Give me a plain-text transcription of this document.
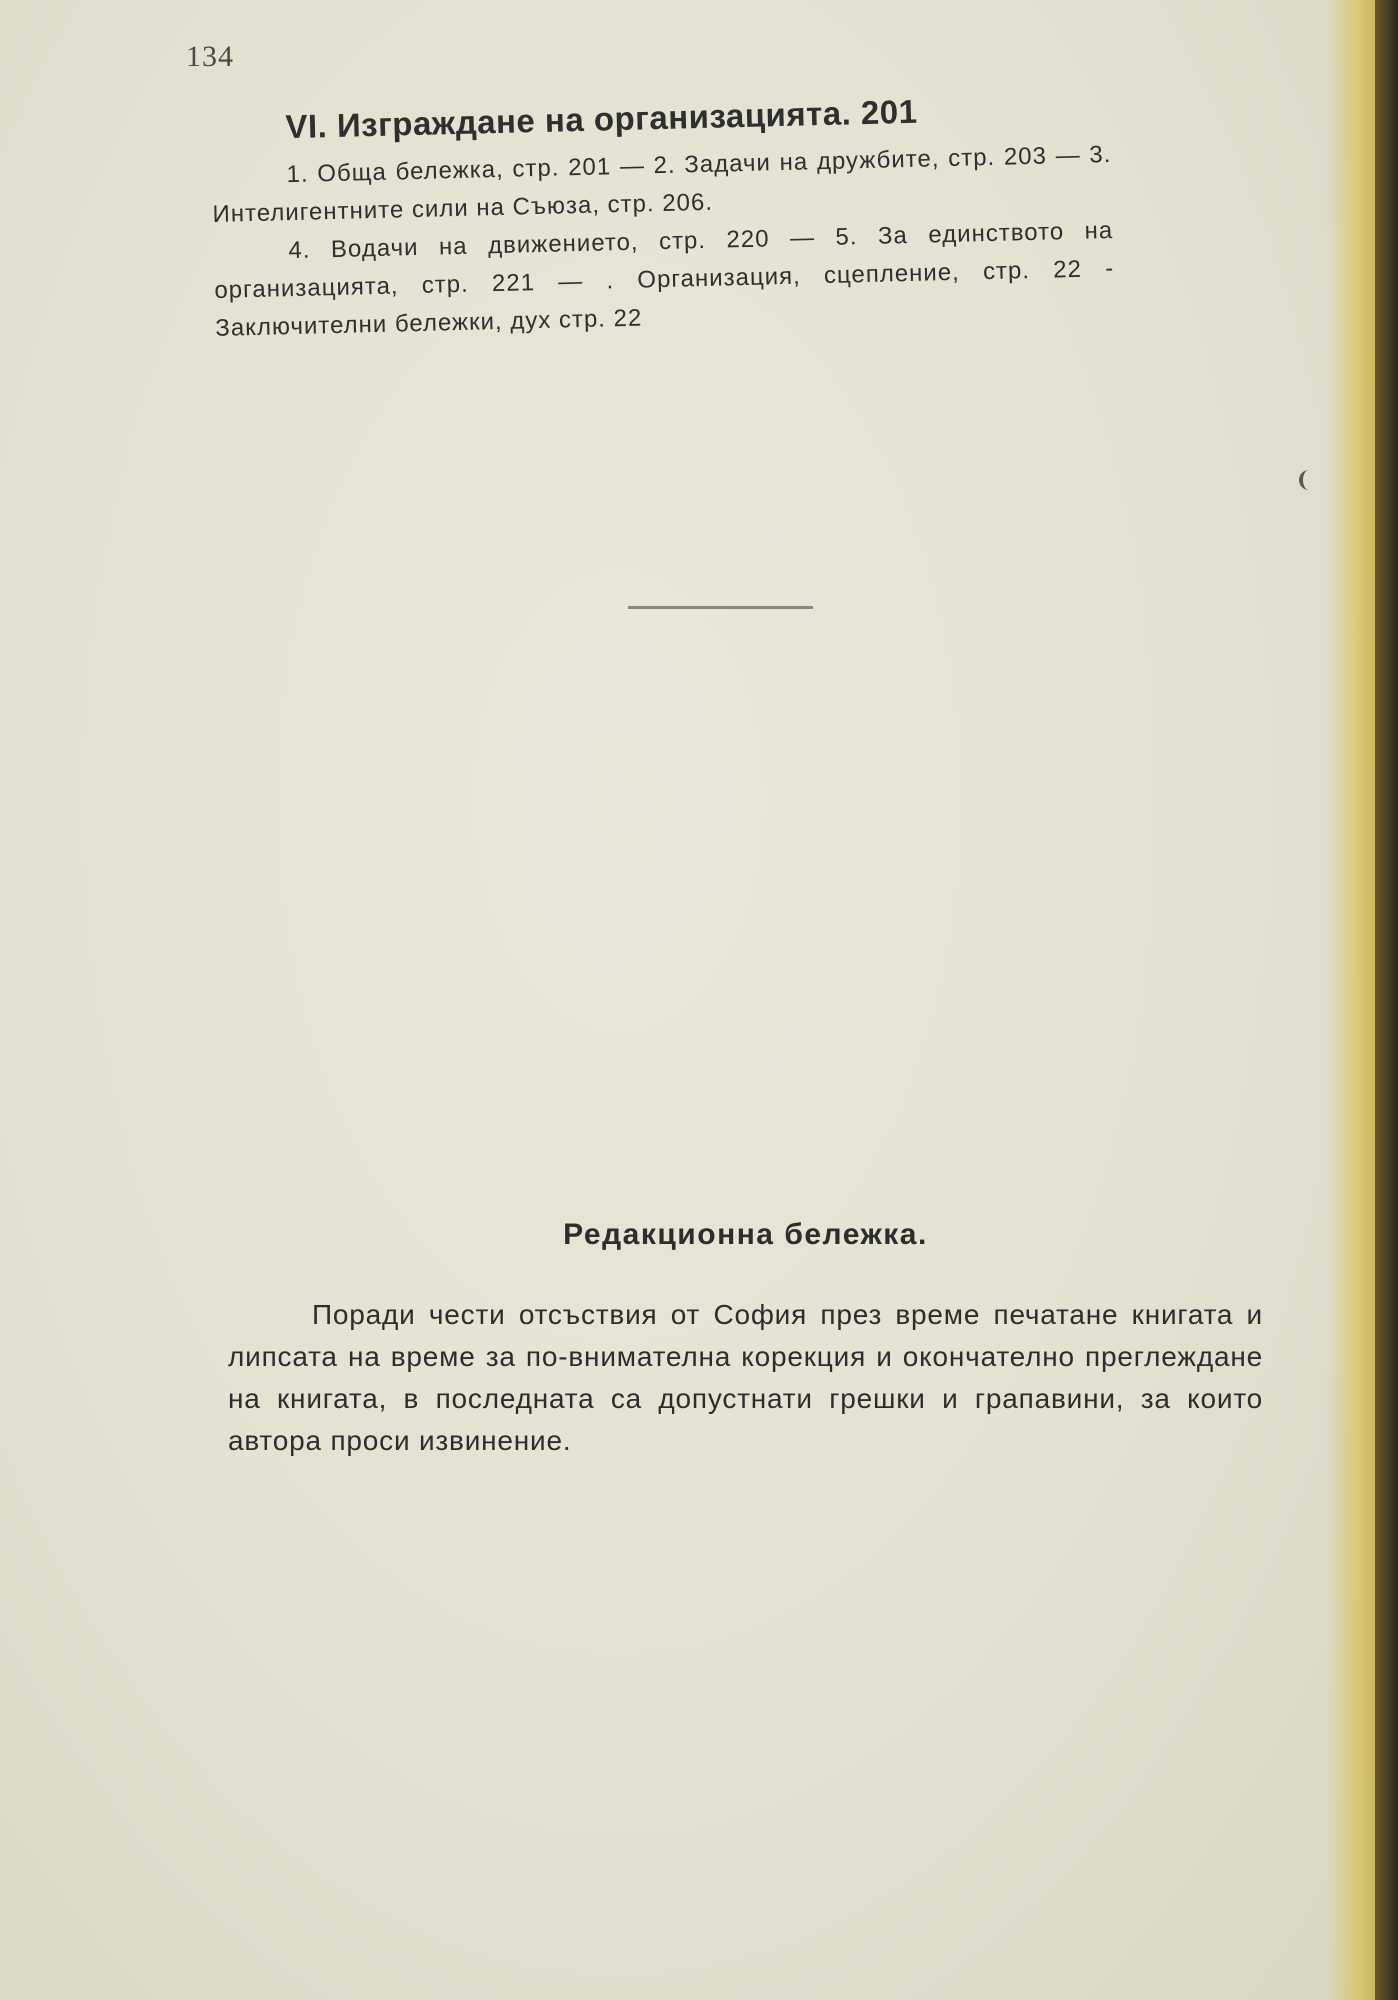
134
VI. Изграждане на организацията. 201

1. Обща бележка, стр. 201 — 2. Задачи на дружбите, стр. 203 — 3. Интелигентните сили на Съюза, стр. 206.

4. Водачи на движението, стр. 220 — 5. За единството на организацията, стр. 221 — . Организация, сцепление, стр. 22 - Заключителни бележки, дух стр. 22

Редакционна бележка.

Поради чести отсъствия от София през време печатане книгата и липсата на време за по-внимателна корекция и окончателно преглеждане на книгата, в последната са допустнати грешки и грапавини, за които автора проси извинение.
